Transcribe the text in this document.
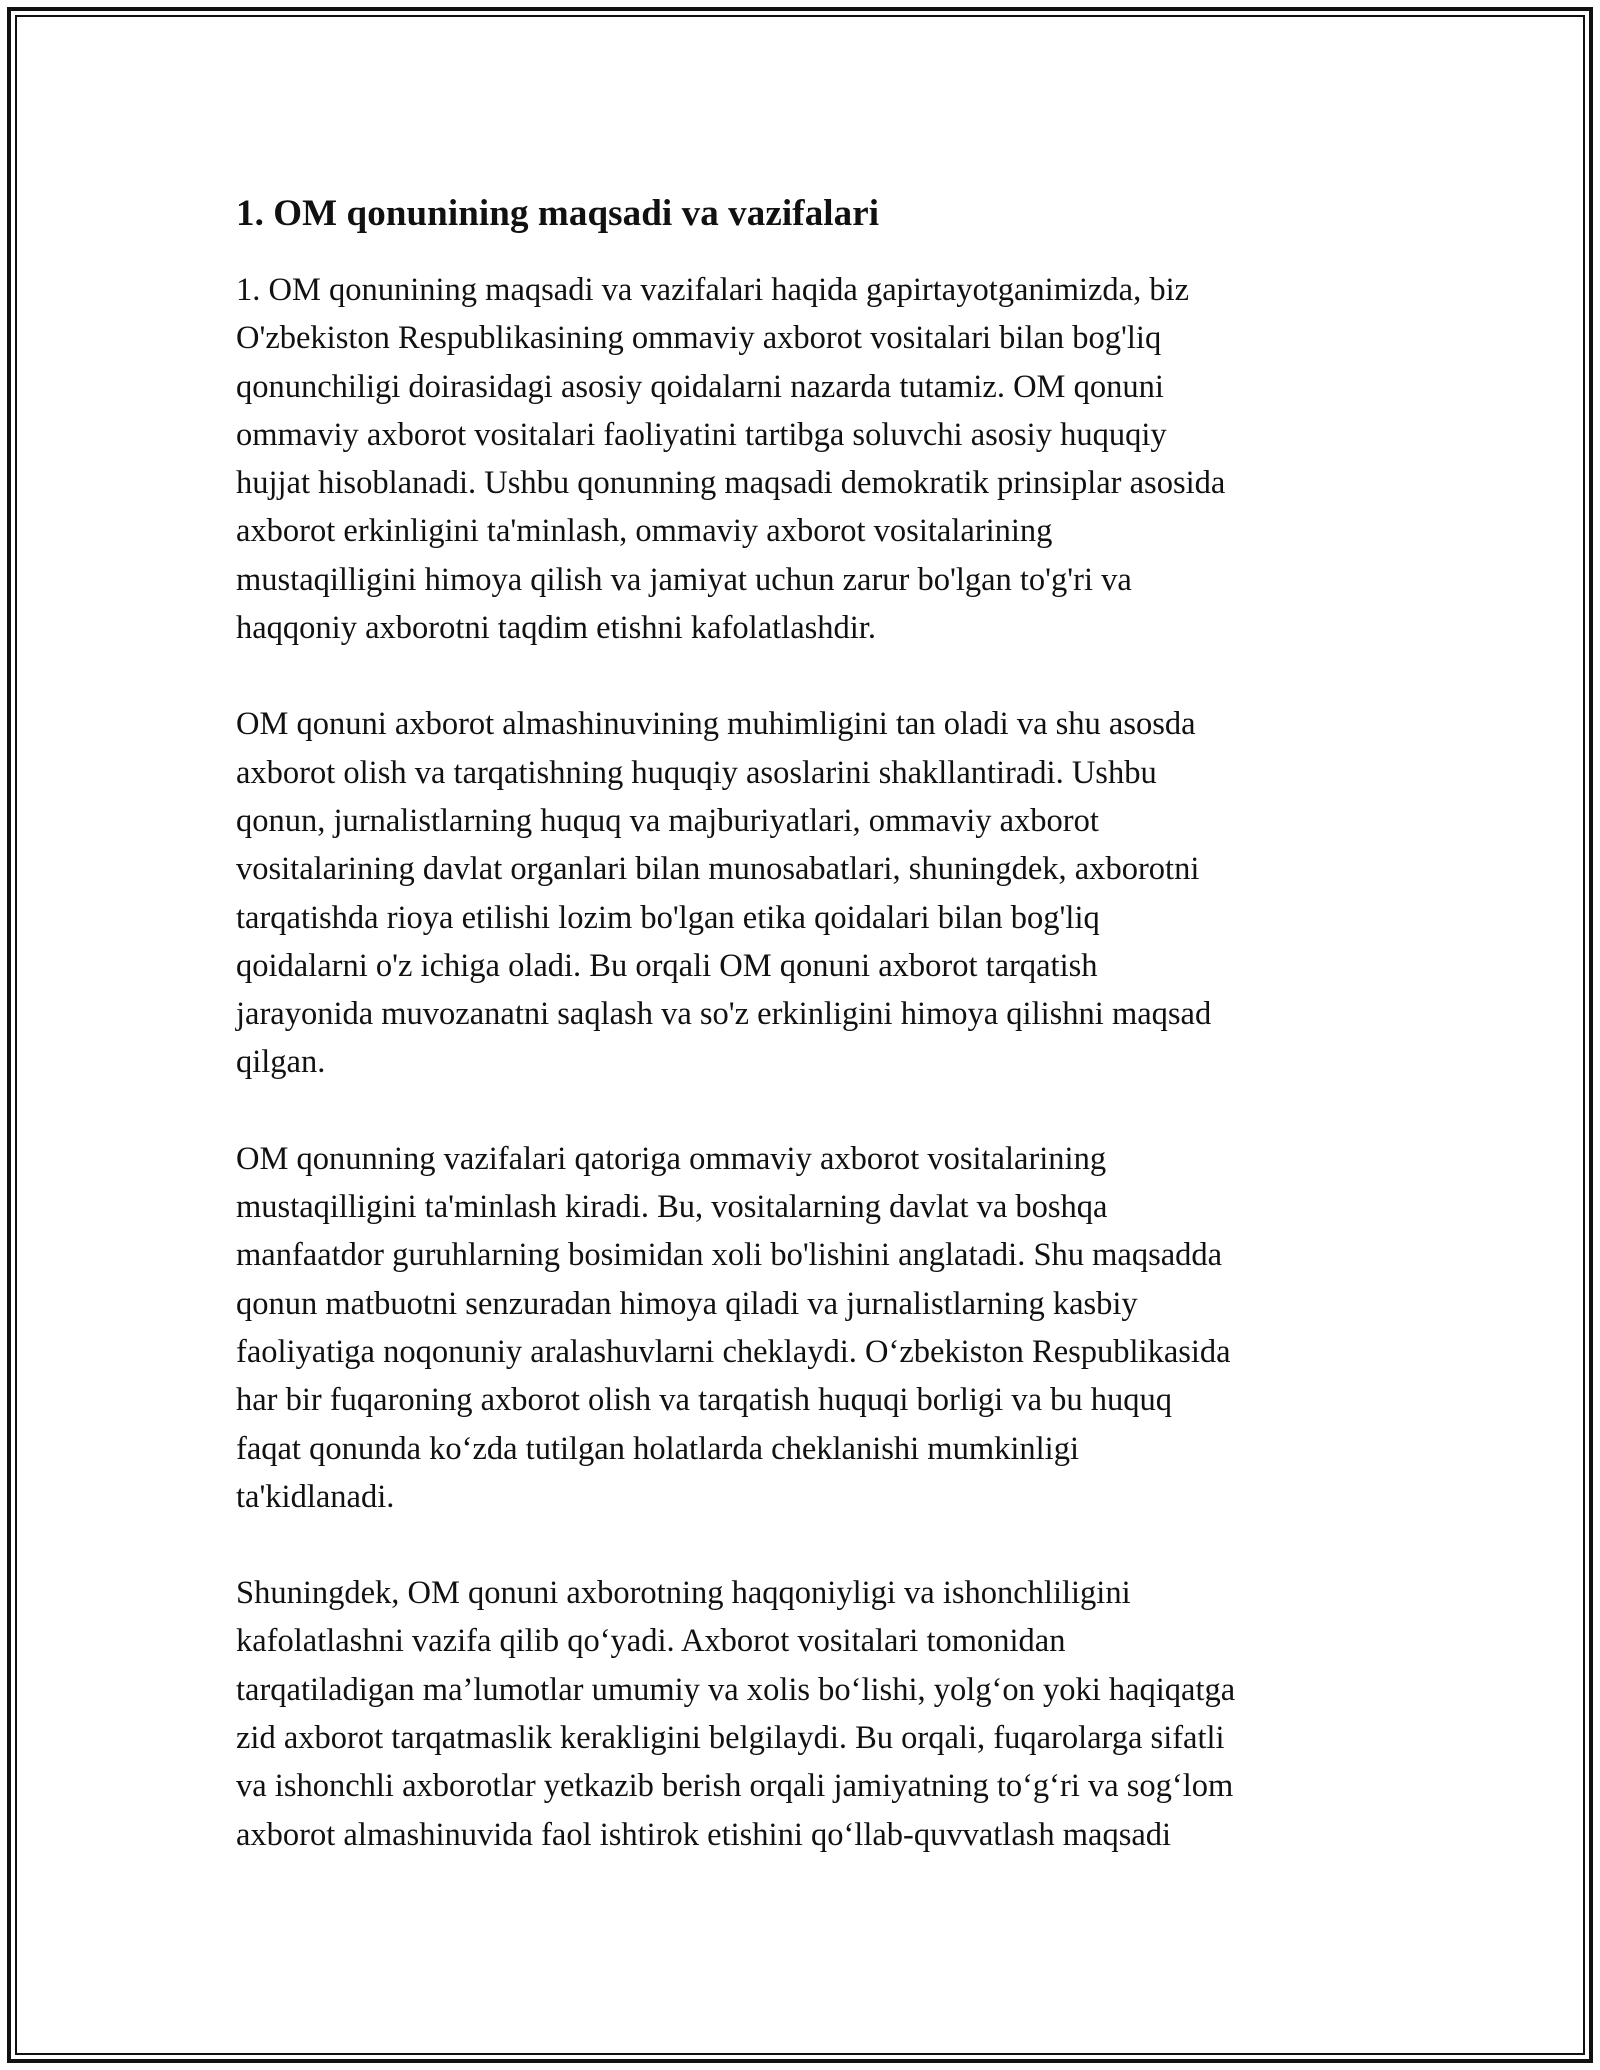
1. OM qonunining maqsadi va vazifalari

1. OM qonunining maqsadi va vazifalari haqida gapirtayotganimizda, biz
O'zbekiston Respublikasining ommaviy axborot vositalari bilan bog'liq
qonunchiligi doirasidagi asosiy qoidalarni nazarda tutamiz. OM qonuni
ommaviy axborot vositalari faoliyatini tartibga soluvchi asosiy huquqiy
hujjat hisoblanadi. Ushbu qonunning maqsadi demokratik prinsiplar asosida
axborot erkinligini ta'minlash, ommaviy axborot vositalarining
mustaqilligini himoya qilish va jamiyat uchun zarur bo'lgan to'g'ri va
haqqoniy axborotni taqdim etishni kafolatlashdir.

OM qonuni axborot almashinuvining muhimligini tan oladi va shu asosda
axborot olish va tarqatishning huquqiy asoslarini shakllantiradi. Ushbu
qonun, jurnalistlarning huquq va majburiyatlari, ommaviy axborot
vositalarining davlat organlari bilan munosabatlari, shuningdek, axborotni
tarqatishda rioya etilishi lozim bo'lgan etika qoidalari bilan bog'liq
qoidalarni o'z ichiga oladi. Bu orqali OM qonuni axborot tarqatish
jarayonida muvozanatni saqlash va so'z erkinligini himoya qilishni maqsad
qilgan.

OM qonunning vazifalari qatoriga ommaviy axborot vositalarining
mustaqilligini ta'minlash kiradi. Bu, vositalarning davlat va boshqa
manfaatdor guruhlarning bosimidan xoli bo'lishini anglatadi. Shu maqsadda
qonun matbuotni senzuradan himoya qiladi va jurnalistlarning kasbiy
faoliyatiga noqonuniy aralashuvlarni cheklaydi. O‘zbekiston Respublikasida
har bir fuqaroning axborot olish va tarqatish huquqi borligi va bu huquq
faqat qonunda ko‘zda tutilgan holatlarda cheklanishi mumkinligi
ta'kidlanadi.

Shuningdek, OM qonuni axborotning haqqoniyligi va ishonchliligini
kafolatlashni vazifa qilib qo‘yadi. Axborot vositalari tomonidan
tarqatiladigan ma’lumotlar umumiy va xolis bo‘lishi, yolg‘on yoki haqiqatga
zid axborot tarqatmaslik kerakligini belgilaydi. Bu orqali, fuqarolarga sifatli
va ishonchli axborotlar yetkazib berish orqali jamiyatning to‘g‘ri va sog‘lom
axborot almashinuvida faol ishtirok etishini qo‘llab-quvvatlash maqsadi
